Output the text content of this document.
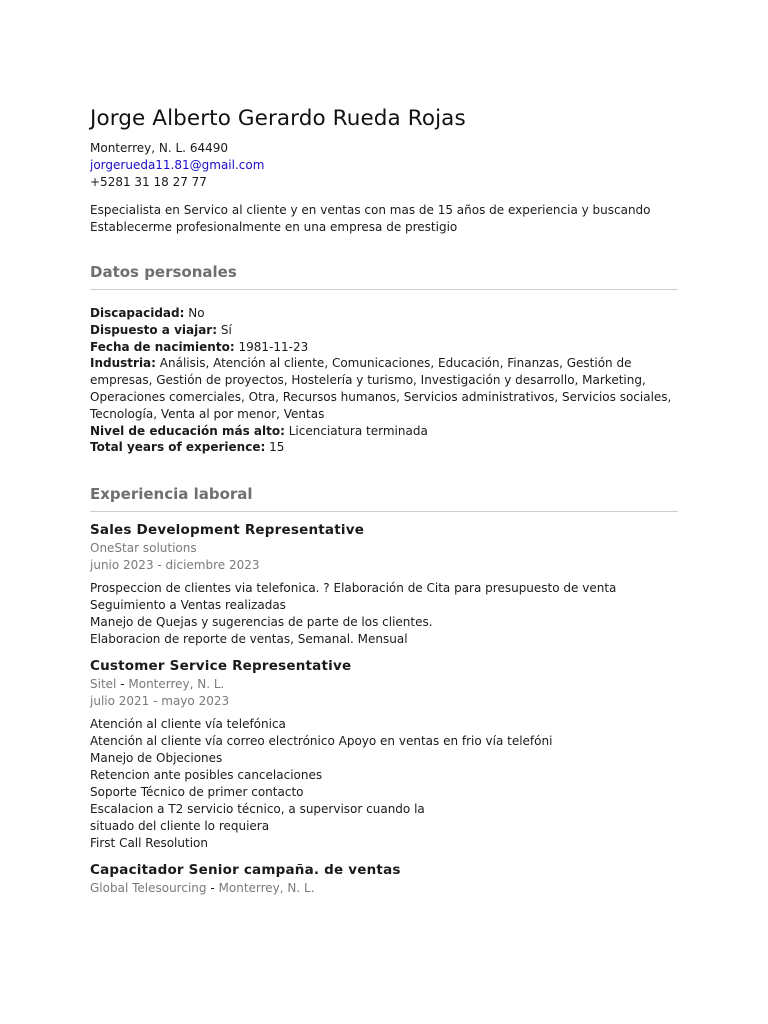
Jorge Alberto Gerardo Rueda Rojas
Monterrey, N. L. 64490
jorgerueda11.81@gmail.com
+5281 31 18 27 77
Especialista en Servico al cliente y en ventas con mas de 15 años de experiencia y buscando
Establecerme profesionalmente en una empresa de prestigio
Datos personales
Discapacidad: No
Dispuesto a viajar: Sí
Fecha de nacimiento: 1981-11-23
Industria: Análisis, Atención al cliente, Comunicaciones, Educación, Finanzas, Gestión de empresas, Gestión de proyectos, Hostelería y turismo, Investigación y desarrollo, Marketing, Operaciones comerciales, Otra, Recursos humanos, Servicios administrativos, Servicios sociales, Tecnología, Venta al por menor, Ventas
Nivel de educación más alto: Licenciatura terminada
Total years of experience: 15
Experiencia laboral
Sales Development Representative
OneStar solutions
junio 2023 - diciembre 2023
Prospeccion de clientes via telefonica. ? Elaboración de Cita para presupuesto de venta Seguimiento a Ventas realizadas
Manejo de Quejas y sugerencias de parte de los clientes.
Elaboracion de reporte de ventas, Semanal. Mensual
Customer Service Representative
Sitel - Monterrey, N. L.
julio 2021 - mayo 2023
Atención al cliente vía telefónica
Atención al cliente vía correo electrónico Apoyo en ventas en frio vía telefóni
Manejo de Objeciones
Retencion ante posibles cancelaciones
Soporte Técnico de primer contacto
Escalacion a T2 servicio técnico, a supervisor cuando la
situado del cliente lo requiera
First Call Resolution
Capacitador Senior campaña. de ventas
Global Telesourcing - Monterrey, N. L.
